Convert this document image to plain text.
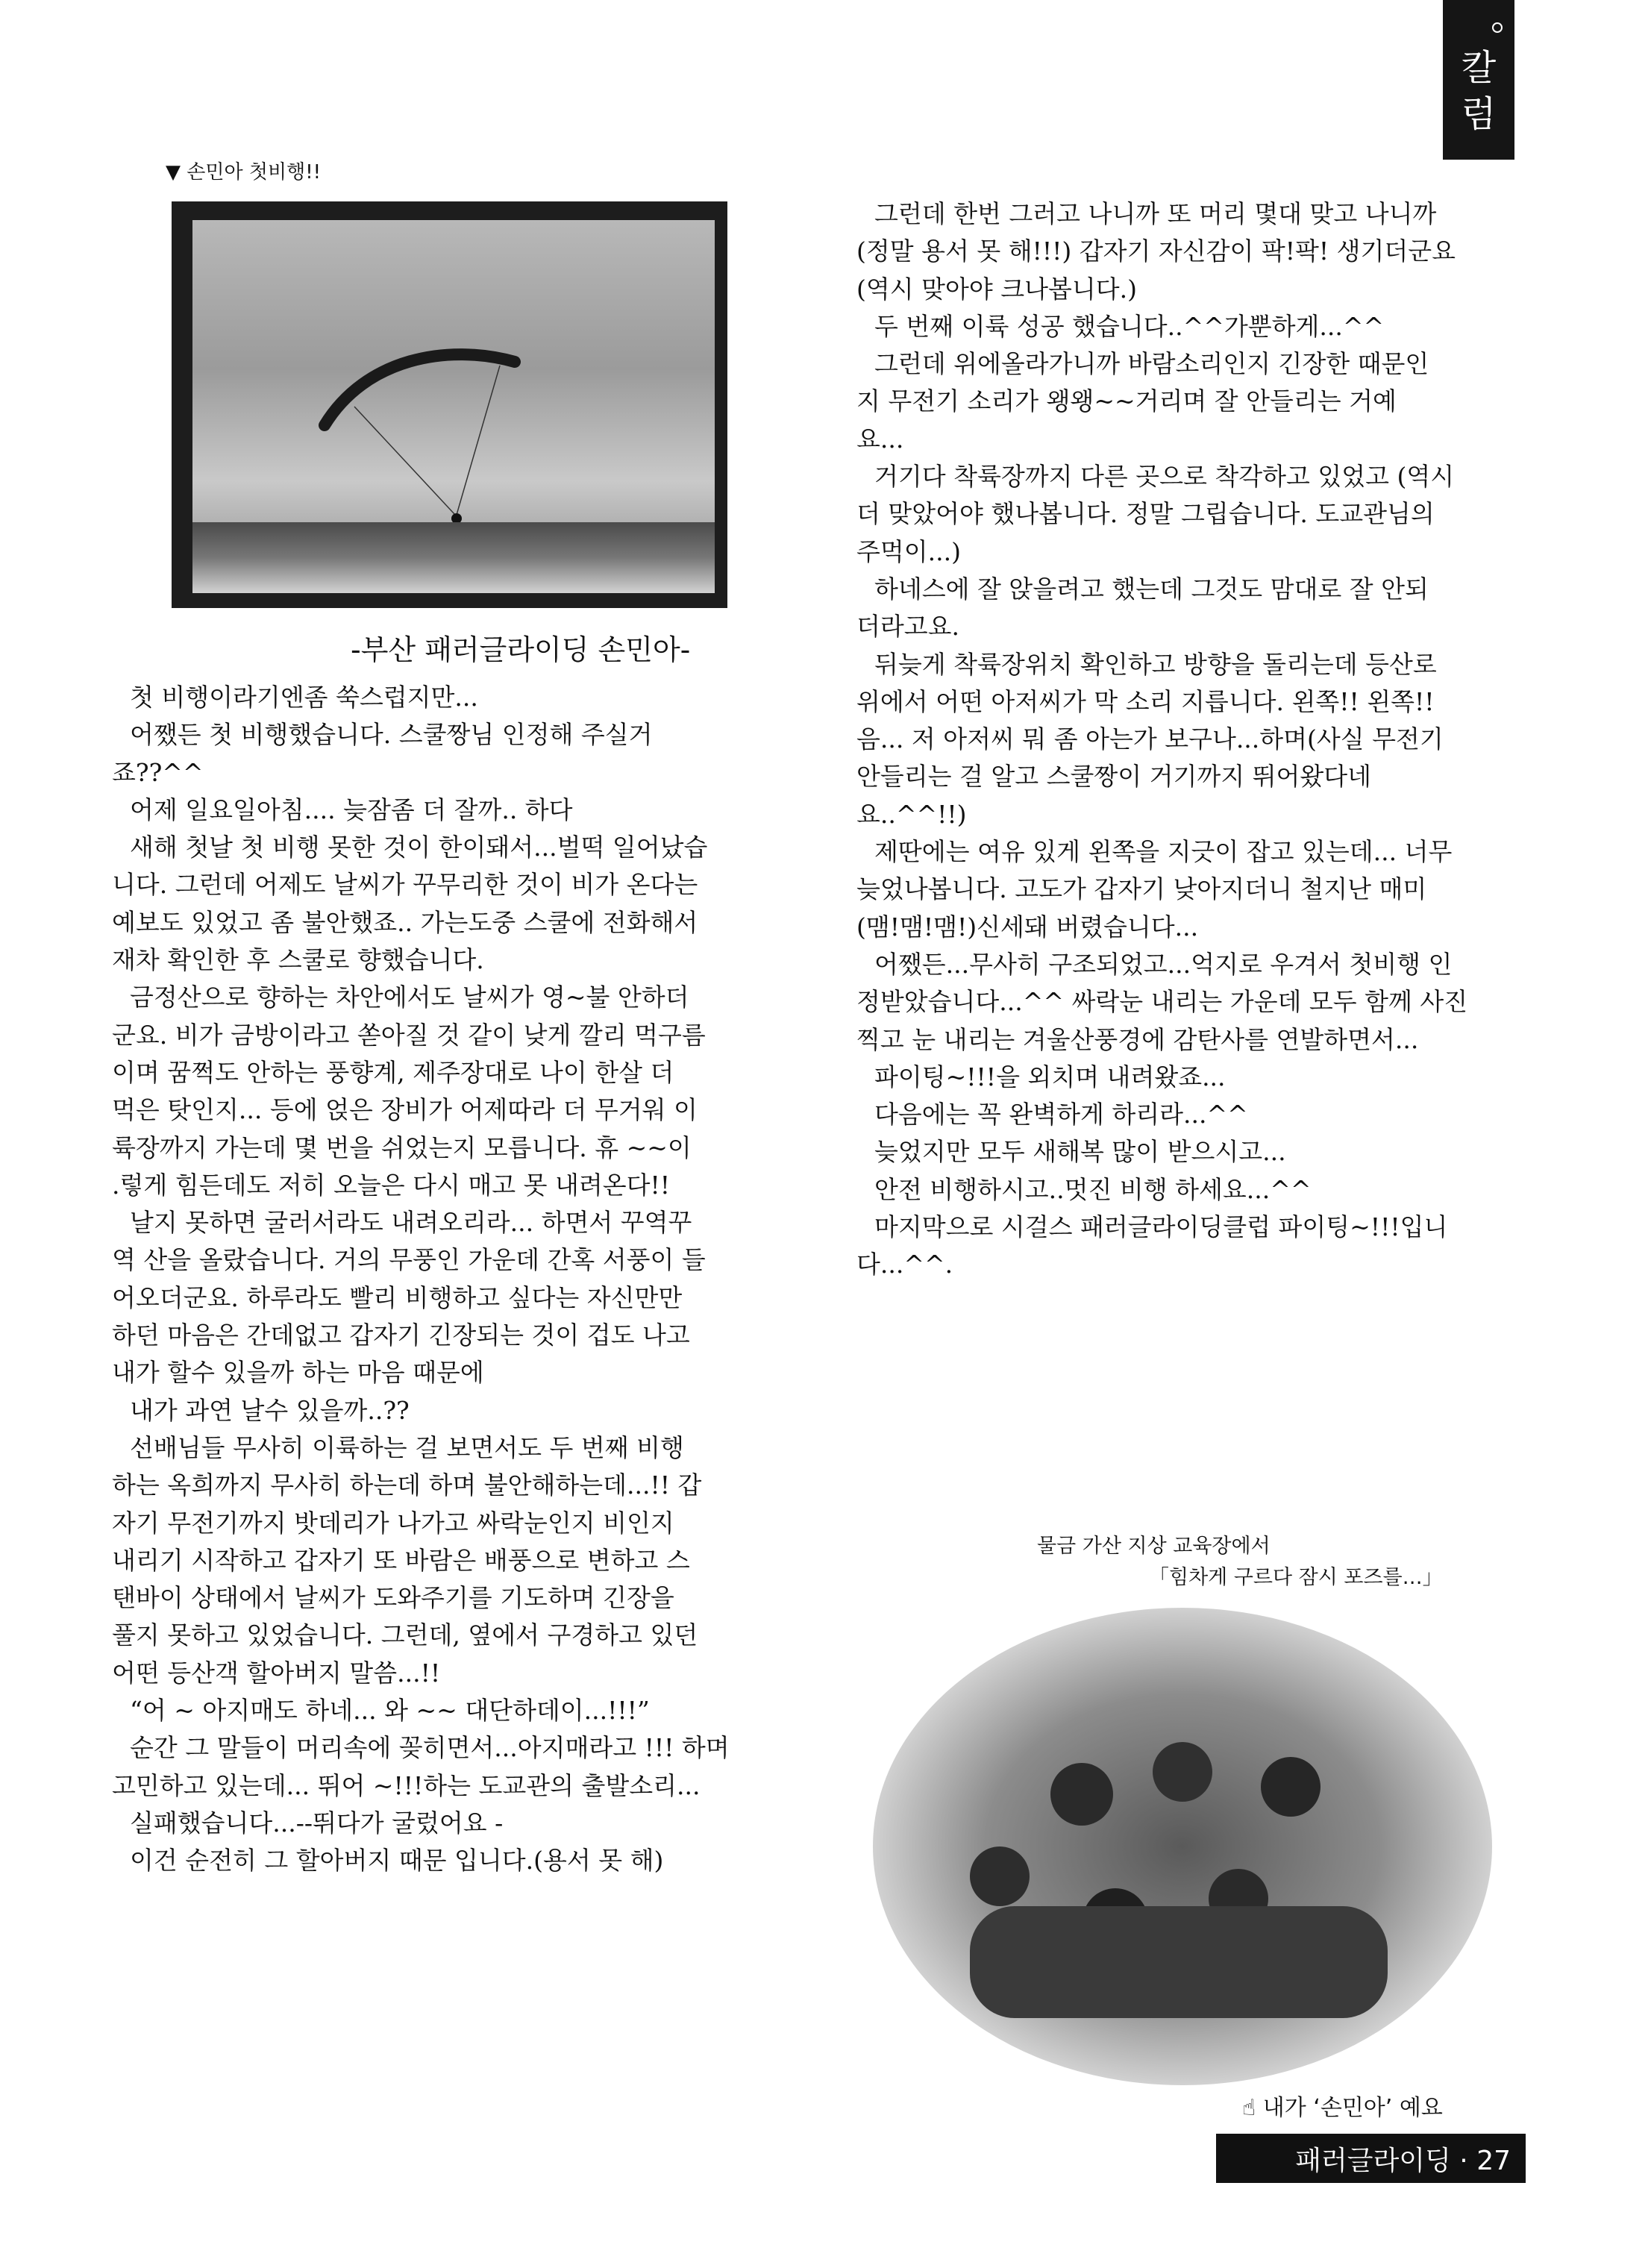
칼
럼
▼ 손민아 첫비행!!
-부산 패러글라이딩 손민아-

첫 비행이라기엔좀 쑥스럽지만...

어쨌든 첫 비행했습니다. 스쿨짱님 인정해 주실거

죠??^^

어제 일요일아침.... 늦잠좀 더 잘까.. 하다

새해 첫날 첫 비행 못한 것이 한이돼서...벌떡 일어났습

니다. 그런데 어제도 날씨가 꾸무리한 것이 비가 온다는

예보도 있었고 좀 불안했죠.. 가는도중 스쿨에 전화해서

재차 확인한 후 스쿨로 향했습니다.

금정산으로 향하는 차안에서도 날씨가 영~불 안하더

군요. 비가 금방이라고 쏟아질 것 같이 낮게 깔리 먹구름

이며 꿈쩍도 안하는 풍향계, 제주장대로 나이 한살 더

먹은 탓인지... 등에 얹은 장비가 어제따라 더 무거워 이

륙장까지 가는데 몇 번을 쉬었는지 모릅니다. 휴 ~~이

.렇게 힘든데도 저히 오늘은 다시 매고 못 내려온다!!

날지 못하면 굴러서라도 내려오리라... 하면서 꾸역꾸

역 산을 올랐습니다. 거의 무풍인 가운데 간혹 서풍이 들

어오더군요. 하루라도 빨리 비행하고 싶다는 자신만만

하던 마음은 간데없고 갑자기 긴장되는 것이 겁도 나고

내가 할수 있을까 하는 마음 때문에

내가 과연 날수 있을까..??

선배님들 무사히 이륙하는 걸 보면서도 두 번째 비행

하는 옥희까지 무사히 하는데 하며 불안해하는데...!! 갑

자기 무전기까지 밧데리가 나가고 싸락눈인지 비인지

내리기 시작하고 갑자기 또 바람은 배풍으로 변하고 스

탠바이 상태에서 날씨가 도와주기를 기도하며 긴장을

풀지 못하고 있었습니다. 그런데, 옆에서 구경하고 있던

어떤 등산객 할아버지 말씀...!!

“어 ~ 아지매도 하네... 와 ~~ 대단하데이...!!!”

순간 그 말들이 머리속에 꽂히면서...아지매라고 !!! 하며

고민하고 있는데... 뛰어 ~!!!하는 도교관의 출발소리...

실패했습니다...--뛰다가 굴렀어요 -

이건 순전히 그 할아버지 때문 입니다.(용서 못 해)

그런데 한번 그러고 나니까 또 머리 몇대 맞고 나니까

(정말 용서 못 해!!!) 갑자기 자신감이 팍!팍! 생기더군요

(역시 맞아야 크나봅니다.)

두 번째 이륙 성공 했습니다..^^가뿐하게...^^

그런데 위에올라가니까 바람소리인지 긴장한 때문인

지 무전기 소리가 왱왱~~거리며 잘 안들리는 거예

요...

거기다 착륙장까지 다른 곳으로 착각하고 있었고 (역시

더 맞았어야 했나봅니다. 정말 그립습니다. 도교관님의

주먹이...)

하네스에 잘 앉을려고 했는데 그것도 맘대로 잘 안되

더라고요.

뒤늦게 착륙장위치 확인하고 방향을 돌리는데 등산로

위에서 어떤 아저씨가 막 소리 지릅니다. 왼쪽!! 왼쪽!!

음... 저 아저씨 뭐 좀 아는가 보구나...하며(사실 무전기

안들리는 걸 알고 스쿨짱이 거기까지 뛰어왔다네

요..^^!!)

제딴에는 여유 있게 왼쪽을 지긋이 잡고 있는데... 너무

늦었나봅니다. 고도가 갑자기 낮아지더니 철지난 매미

(맴!맴!맴!)신세돼 버렸습니다...

어쨌든...무사히 구조되었고...억지로 우겨서 첫비행 인

정받았습니다...^^ 싸락눈 내리는 가운데 모두 함께 사진

찍고 눈 내리는 겨울산풍경에 감탄사를 연발하면서...

파이팅~!!!을 외치며 내려왔죠...

다음에는 꼭 완벽하게 하리라...^^

늦었지만 모두 새해복 많이 받으시고...

안전 비행하시고..멋진 비행 하세요...^^

마지막으로 시걸스 패러글라이딩클럽 파이팅~!!!입니

다...^^.

물금 가산 지상 교육장에서
「힘차게 구르다 잠시 포즈를…」
☝ 내가 ‘손민아’ 예요
패러글라이딩 · 27
